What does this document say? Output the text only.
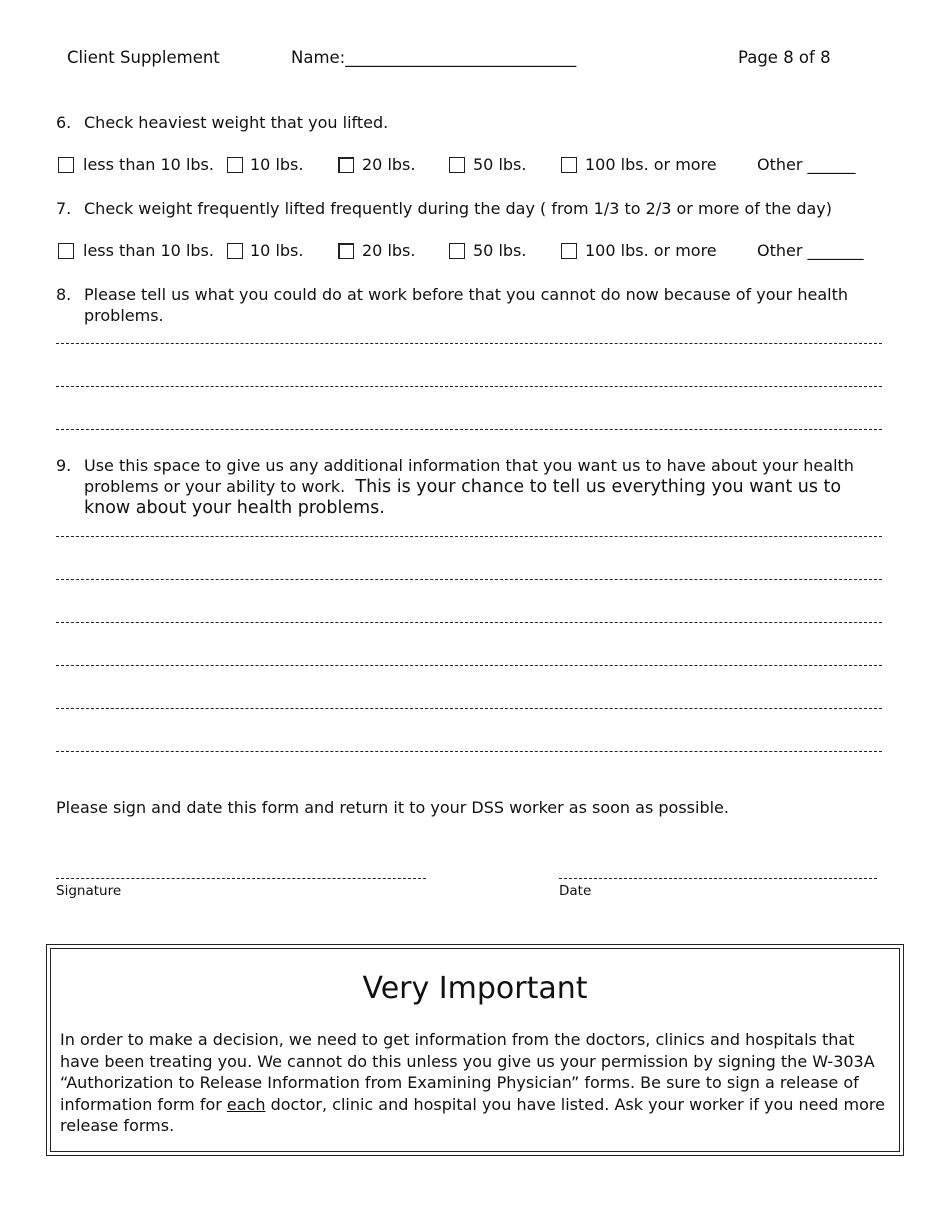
Client Supplement	Name:____________________________	Page 8 of 8
6. Check heaviest weight that you lifted.
less than 10 lbs. 10 lbs.	20 lbs.	50 lbs.	100 lbs. or more	Other ______
7. Check weight frequently lifted frequently during the day ( from 1/3 to 2/3 or more of the day)
less than 10 lbs. 10 lbs.	20 lbs.	50 lbs.	100 lbs. or more	Other _______
8. Please tell us what you could do at work before that you cannot do now because of your health
problems.
9. Use this space to give us any additional information that you want us to have about your health
problems or your ability to work. This is your chance to tell us everything you want us to
know about your health problems.
Please sign and date this form and return it to your DSS worker as soon as possible.
Signature	Date
Very Important
In order to make a decision, we need to get information from the doctors, clinics and hospitals that have been treating you. We cannot do this unless you give us your permission by signing the W-303A “Authorization to Release Information from Examining Physician” forms. Be sure to sign a release of information form for each doctor, clinic and hospital you have listed. Ask your worker if you need more release forms.
